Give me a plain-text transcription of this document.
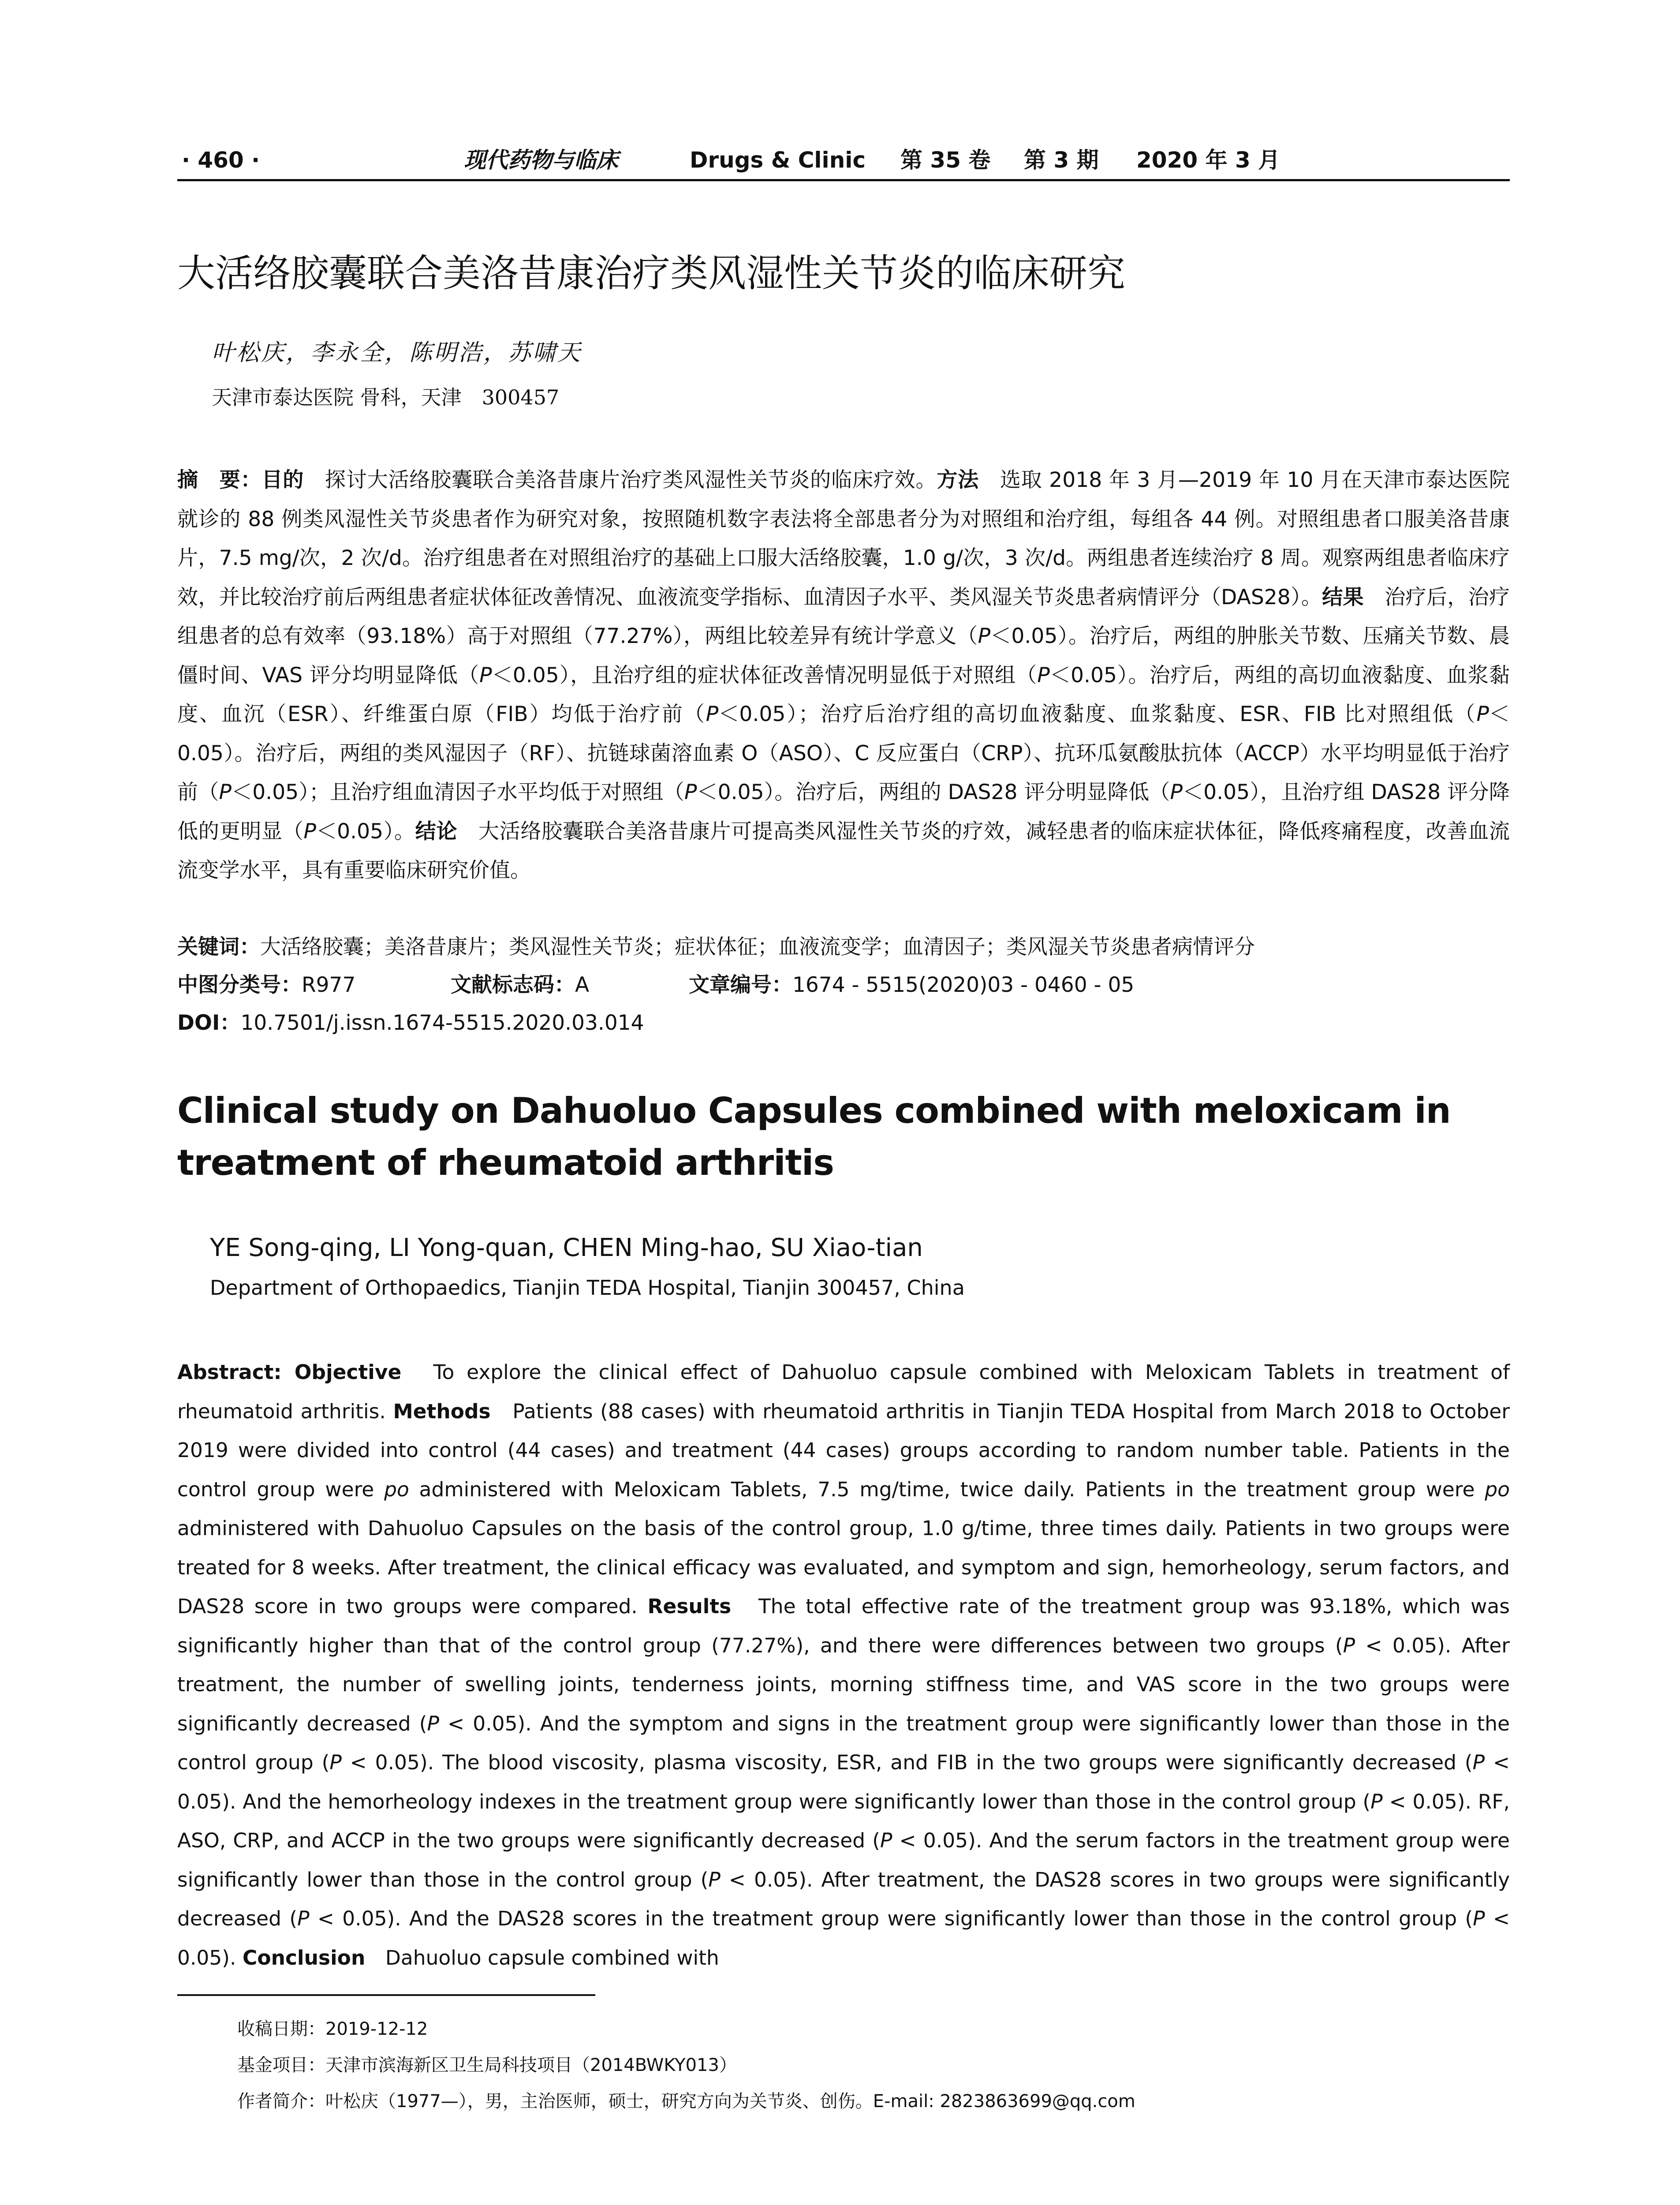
· 460 ·	现代药物与临床	Drugs & Clinic 第 35 卷 第 3 期 2020 年 3 月
大活络胶囊联合美洛昔康治疗类风湿性关节炎的临床研究
叶松庆，李永全，陈明浩，苏啸天
天津市泰达医院 骨科，天津　300457
摘　要：目的　探讨大活络胶囊联合美洛昔康片治疗类风湿性关节炎的临床疗效。方法　选取 2018 年 3 月—2019 年 10 月在天津市泰达医院就诊的 88 例类风湿性关节炎患者作为研究对象，按照随机数字表法将全部患者分为对照组和治疗组，每组各 44 例。对照组患者口服美洛昔康片，7.5 mg/次，2 次/d。治疗组患者在对照组治疗的基础上口服大活络胶囊，1.0 g/次，3 次/d。两组患者连续治疗 8 周。观察两组患者临床疗效，并比较治疗前后两组患者症状体征改善情况、血液流变学指标、血清因子水平、类风湿关节炎患者病情评分（DAS28）。结果　治疗后，治疗组患者的总有效率（93.18%）高于对照组（77.27%），两组比较差异有统计学意义（P＜0.05）。治疗后，两组的肿胀关节数、压痛关节数、晨僵时间、VAS 评分均明显降低（P＜0.05），且治疗组的症状体征改善情况明显低于对照组（P＜0.05）。治疗后，两组的高切血液黏度、血浆黏度、血沉（ESR）、纤维蛋白原（FIB）均低于治疗前（P＜0.05）；治疗后治疗组的高切血液黏度、血浆黏度、ESR、FIB 比对照组低（P＜0.05）。治疗后，两组的类风湿因子（RF）、抗链球菌溶血素 O（ASO）、C 反应蛋白（CRP）、抗环瓜氨酸肽抗体（ACCP）水平均明显低于治疗前（P＜0.05）；且治疗组血清因子水平均低于对照组（P＜0.05）。治疗后，两组的 DAS28 评分明显降低（P＜0.05），且治疗组 DAS28 评分降低的更明显（P＜0.05）。结论　大活络胶囊联合美洛昔康片可提高类风湿性关节炎的疗效，减轻患者的临床症状体征，降低疼痛程度，改善血流流变学水平，具有重要临床研究价值。
关键词：大活络胶囊；美洛昔康片；类风湿性关节炎；症状体征；血液流变学；血清因子；类风湿关节炎患者病情评分
中图分类号：R977	文献标志码：A	文章编号：1674 - 5515(2020)03 - 0460 - 05
DOI：10.7501/j.issn.1674-5515.2020.03.014
Clinical study on Dahuoluo Capsules combined with meloxicam in treatment of rheumatoid arthritis
YE Song-qing, LI Yong-quan, CHEN Ming-hao, SU Xiao-tian
Department of Orthopaedics, Tianjin TEDA Hospital, Tianjin 300457, China
Abstract: Objective　To explore the clinical effect of Dahuoluo capsule combined with Meloxicam Tablets in treatment of rheumatoid arthritis. Methods　Patients (88 cases) with rheumatoid arthritis in Tianjin TEDA Hospital from March 2018 to October 2019 were divided into control (44 cases) and treatment (44 cases) groups according to random number table. Patients in the control group were po administered with Meloxicam Tablets, 7.5 mg/time, twice daily. Patients in the treatment group were po administered with Dahuoluo Capsules on the basis of the control group, 1.0 g/time, three times daily. Patients in two groups were treated for 8 weeks. After treatment, the clinical efficacy was evaluated, and symptom and sign, hemorheology, serum factors, and DAS28 score in two groups were compared. Results　The total effective rate of the treatment group was 93.18%, which was significantly higher than that of the control group (77.27%), and there were differences between two groups (P < 0.05). After treatment, the number of swelling joints, tenderness joints, morning stiffness time, and VAS score in the two groups were significantly decreased (P < 0.05). And the symptom and signs in the treatment group were significantly lower than those in the control group (P < 0.05). The blood viscosity, plasma viscosity, ESR, and FIB in the two groups were significantly decreased (P < 0.05). And the hemorheology indexes in the treatment group were significantly lower than those in the control group (P < 0.05). RF, ASO, CRP, and ACCP in the two groups were significantly decreased (P < 0.05). And the serum factors in the treatment group were significantly lower than those in the control group (P < 0.05). After treatment, the DAS28 scores in two groups were significantly decreased (P < 0.05). And the DAS28 scores in the treatment group were significantly lower than those in the control group (P < 0.05). Conclusion　Dahuoluo capsule combined with
收稿日期：2019-12-12
基金项目：天津市滨海新区卫生局科技项目（2014BWKY013）
作者简介：叶松庆（1977—），男，主治医师，硕士，研究方向为关节炎、创伤。E-mail: 2823863699@qq.com
